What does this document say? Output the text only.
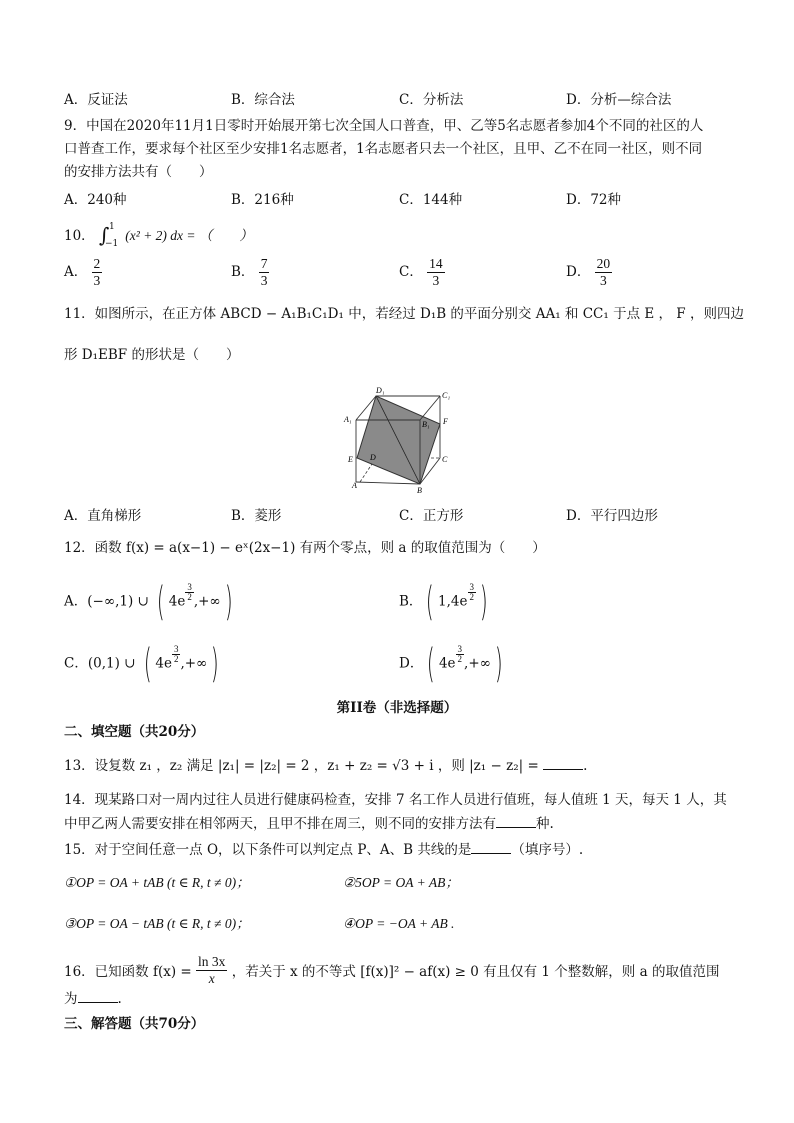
A．反证法	B．综合法	C．分析法	D．分析—综合法
9．中国在2020年11月1日零时开始展开第七次全国人口普查，甲、乙等5名志愿者参加4个不同的社区的人
口普查工作，要求每个社区至少安排1名志愿者，1名志愿者只去一个社区，且甲、乙不在同一社区，则不同
的安排方法共有（　　）
A．240种	B．216种	C．144种	D．72种
10． ∫ 1
−1
(x² + 2) dx = （　　）
A． $\frac{2}{3}$	B． $\frac{7}{3}$	C． $\frac{14}{3}$	D． $\frac{20}{3}$
11．如图所示，在正方体 ABCD − A₁B₁C₁D₁ 中，若经过 D₁B 的平面分别交 AA₁ 和 CC₁ 于点 E ， F ，则四边
形 D₁EBF 的形状是（　　）
D₁
C₁
A₁
B₁ F
E D	C
A
B
A．直角梯形	B．菱形	C．正方形	D．平行四边形
12．函数 f(x) = a(x−1) − eˣ(2x−1) 有两个零点，则 a 的取值范围为（　　）
A．(−∞,1) ∪ ( $4e \frac{3}{2}$ ,+∞)	B．( $1,4e \frac{3}{2}$ )
C．(0,1) ∪ ( $4e \frac{3}{2}$ ,+∞)	D．( $4e \frac{3}{2}$ ,+∞)
第II卷（非选择题）
二、填空题（共20分）
13．设复数 z₁ ，z₂ 满足 |z₁| = |z₂| = 2 ，z₁ + z₂ = √3 + i ，则 |z₁ − z₂| =	.
14．现某路口对一周内过往人员进行健康码检查，安排 7 名工作人员进行值班，每人值班 1 天，每天 1 人，其
中甲乙两人需要安排在相邻两天，且甲不排在周三，则不同的安排方法有	种.
15．对于空间任意一点 O，以下条件可以判定点 P、A、B 共线的是	（填序号）.
①OP = OA + tAB (t ∈ R, t ≠ 0)；	②5OP = OA + AB；
③OP = OA − tAB (t ∈ R, t ≠ 0)；	④OP = −OA + AB .
16．已知函数 $f(x) = \frac{\ln 3x}{x}$ ，若关于 x 的不等式 [f(x)]² − af(x) ≥ 0 有且仅有 1 个整数解，则 a 的取值范围
为	.
三、解答题（共70分）
